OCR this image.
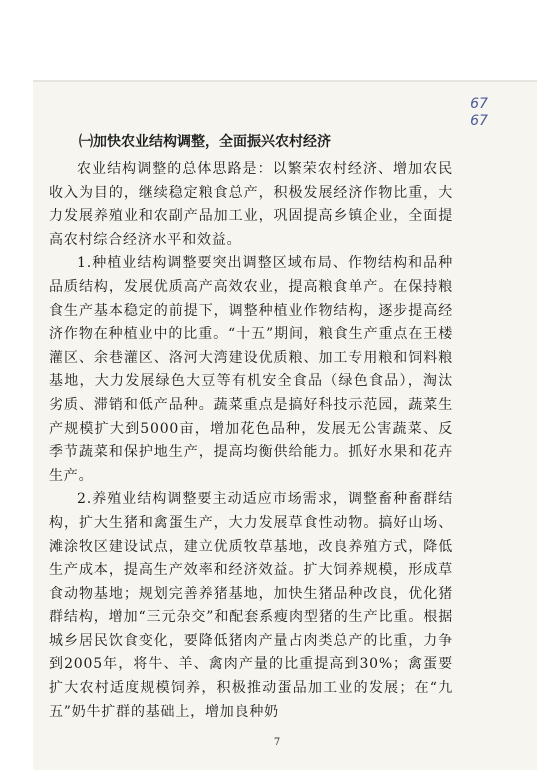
67
67
㈠加快农业结构调整，全面振兴农村经济

农业结构调整的总体思路是：以繁荣农村经济、增加农民收入为目的，继续稳定粮食总产，积极发展经济作物比重，大力发展养殖业和农副产品加工业，巩固提高乡镇企业，全面提高农村综合经济水平和效益。

1.种植业结构调整要突出调整区域布局、作物结构和品种品质结构，发展优质高产高效农业，提高粮食单产。在保持粮食生产基本稳定的前提下，调整种植业作物结构，逐步提高经济作物在种植业中的比重。“十五”期间，粮食生产重点在王楼灌区、余巷灌区、洛河大湾建设优质粮、加工专用粮和饲料粮基地，大力发展绿色大豆等有机安全食品（绿色食品），淘汰劣质、滞销和低产品种。蔬菜重点是搞好科技示范园，蔬菜生产规模扩大到5000亩，增加花色品种，发展无公害蔬菜、反季节蔬菜和保护地生产，提高均衡供给能力。抓好水果和花卉生产。

2.养殖业结构调整要主动适应市场需求，调整畜种畜群结构，扩大生猪和禽蛋生产，大力发展草食性动物。搞好山场、滩涂牧区建设试点，建立优质牧草基地，改良养殖方式，降低生产成本，提高生产效率和经济效益。扩大饲养规模，形成草食动物基地；规划完善养猪基地，加快生猪品种改良，优化猪群结构，增加“三元杂交”和配套系瘦肉型猪的生产比重。根据城乡居民饮食变化，要降低猪肉产量占肉类总产的比重，力争到2005年，将牛、羊、禽肉产量的比重提高到30%；禽蛋要扩大农村适度规模饲养，积极推动蛋品加工业的发展；在“九五”奶牛扩群的基础上，增加良种奶

7
